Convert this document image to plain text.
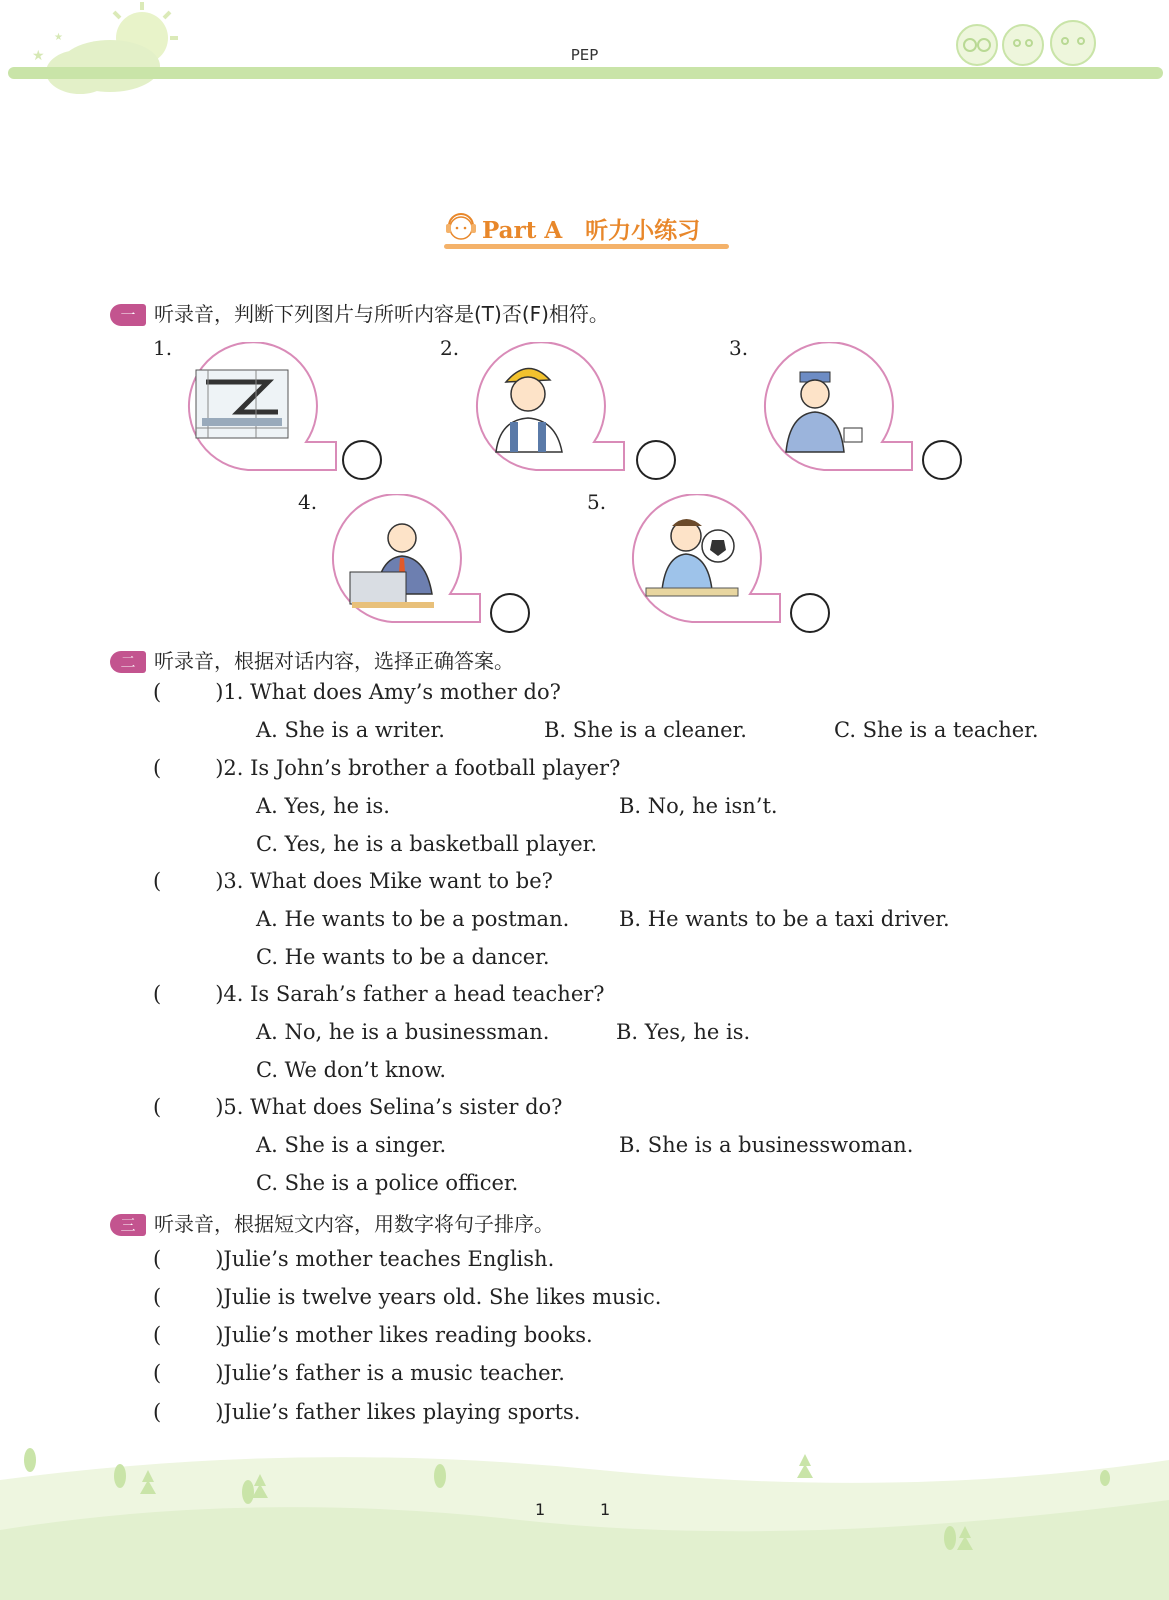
★
★
PEP
Part A　听力小练习
一 听录音，判断下列图片与所听内容是(T)否(F)相符。
1.	2.	3.
4.	5.
二 听录音，根据对话内容，选择正确答案。
(	)1. What does Amy’s mother do?
A. She is a writer.	B. She is a cleaner.	C. She is a teacher.
(	)2. Is John’s brother a football player?
A. Yes, he is.	B. No, he isn’t.
C. Yes, he is a basketball player.
(	)3. What does Mike want to be?
A. He wants to be a postman. B. He wants to be a taxi driver.
C. He wants to be a dancer.
(	)4. Is Sarah’s father a head teacher?
A. No, he is a businessman.	B. Yes, he is.
C. We don’t know.
(	)5. What does Selina’s sister do?
A. She is a singer.	B. She is a businesswoman.
C. She is a police officer.
三 听录音，根据短文内容，用数字将句子排序。
(	)Julie’s mother teaches English.
(	)Julie is twelve years old. She likes music.
(	)Julie’s mother likes reading books.
(	)Julie’s father is a music teacher.
(	)Julie’s father likes playing sports.
1	1
